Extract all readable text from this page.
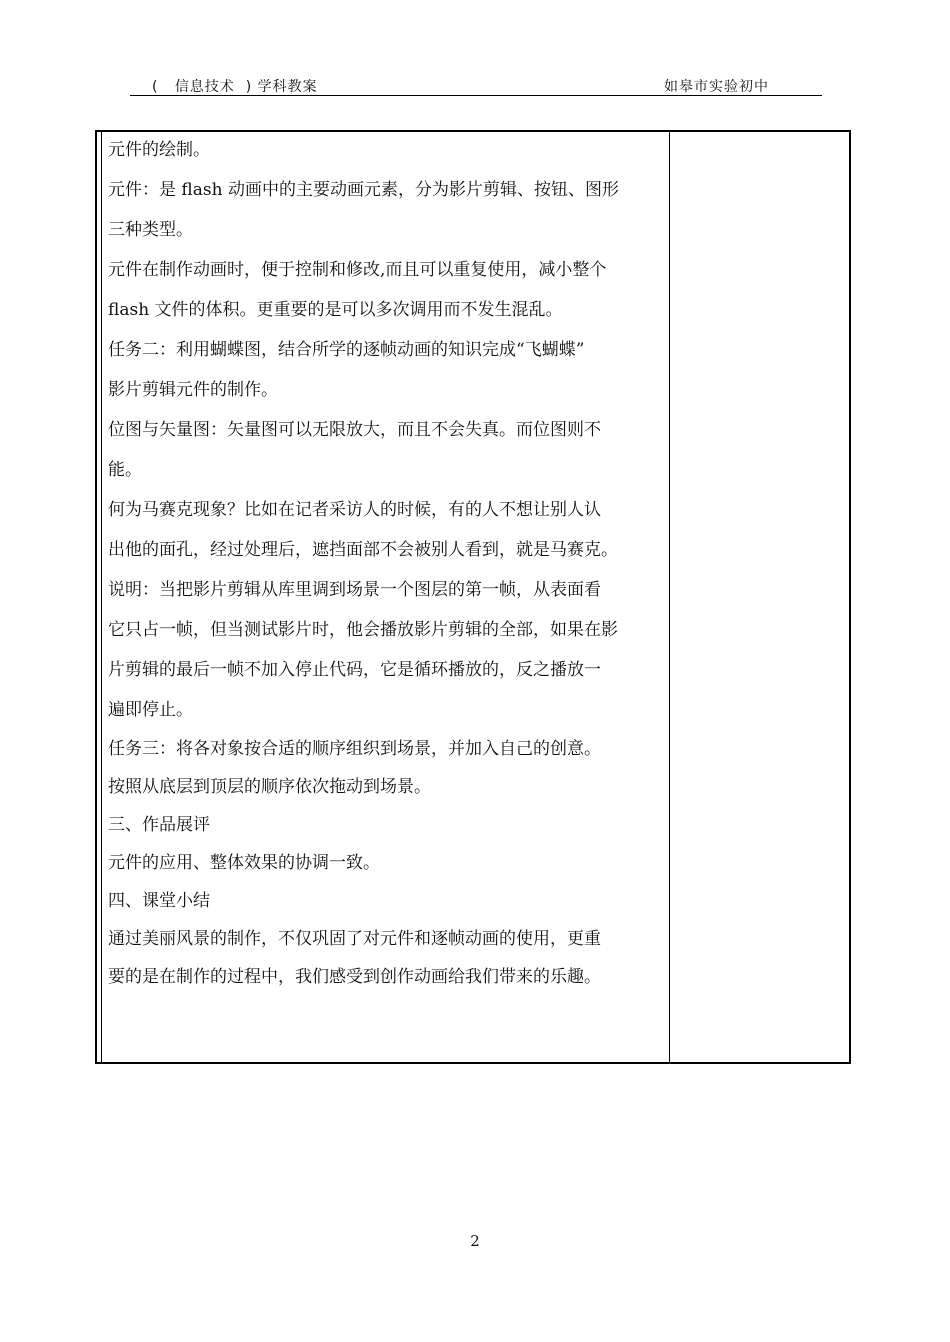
(   信息技术  ) 学科教案	如皋市实验初中
元件的绘制。
元件：是 flash 动画中的主要动画元素，分为影片剪辑、按钮、图形
三种类型。
元件在制作动画时，便于控制和修改,而且可以重复使用，减小整个
flash 文件的体积。更重要的是可以多次调用而不发生混乱。
任务二：利用蝴蝶图，结合所学的逐帧动画的知识完成“飞蝴蝶”
影片剪辑元件的制作。
位图与矢量图：矢量图可以无限放大，而且不会失真。而位图则不
能。
何为马赛克现象？比如在记者采访人的时候，有的人不想让别人认
出他的面孔，经过处理后，遮挡面部不会被别人看到，就是马赛克。
说明：当把影片剪辑从库里调到场景一个图层的第一帧，从表面看
它只占一帧，但当测试影片时，他会播放影片剪辑的全部，如果在影
片剪辑的最后一帧不加入停止代码，它是循环播放的，反之播放一
遍即停止。
任务三：将各对象按合适的顺序组织到场景，并加入自己的创意。
按照从底层到顶层的顺序依次拖动到场景。
三、作品展评
元件的应用、整体效果的协调一致。
四、课堂小结
通过美丽风景的制作，不仅巩固了对元件和逐帧动画的使用，更重
要的是在制作的过程中，我们感受到创作动画给我们带来的乐趣。
2
